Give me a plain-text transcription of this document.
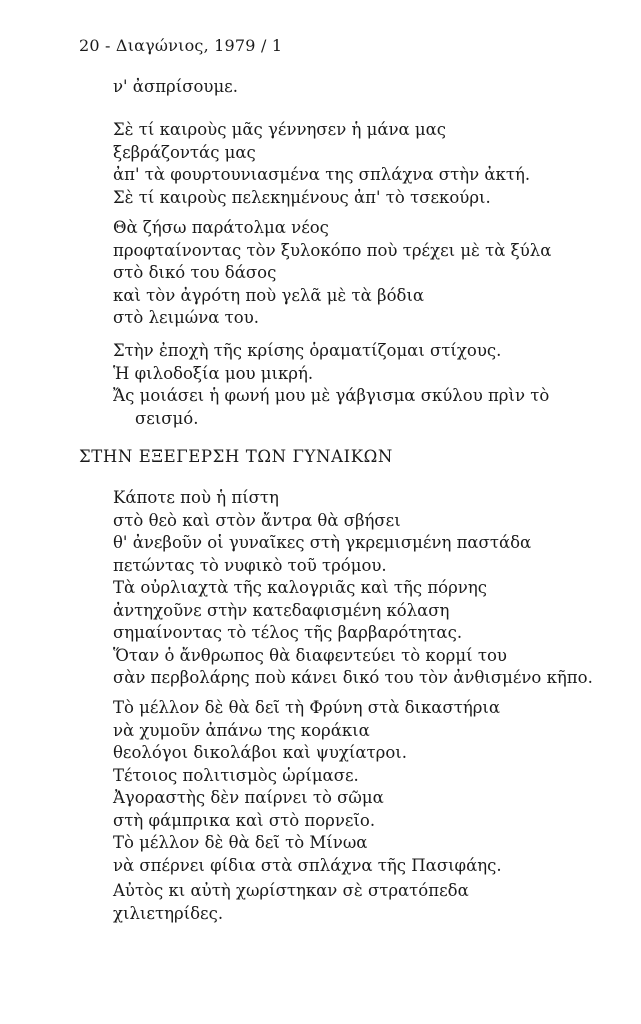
20 - Διαγώνιος, 1979 / 1
ν' ἀσπρίσουμε.
Σὲ τί καιροὺς μᾶς γέννησεν ἡ μάνα μας
ξεβράζοντάς μας
ἀπ' τὰ φουρτουνιασμένα της σπλάχνα στὴν ἀκτή.
Σὲ τί καιροὺς πελεκημένους ἀπ' τὸ τσεκούρι.
Θὰ ζήσω παράτολμα νέος
προφταίνοντας τὸν ξυλοκόπο ποὺ τρέχει μὲ τὰ ξύλα
στὸ δικό του δάσος
καὶ τὸν ἀγρότη ποὺ γελᾶ μὲ τὰ βόδια
στὸ λειμώνα του.
Στὴν ἐποχὴ τῆς κρίσης ὁραματίζομαι στίχους.
Ἡ φιλοδοξία μου μικρή.
Ἄς μοιάσει ἡ φωνή μου μὲ γάβγισμα σκύλου πρὶν τὸ
σεισμό.
ΣΤΗΝ ΕΞΕΓΕΡΣΗ ΤΩΝ ΓΥΝΑΙΚΩΝ
Κάποτε ποὺ ἡ πίστη
στὸ θεὸ καὶ στὸν ἄντρα θὰ σβήσει
θ' ἀνεβοῦν οἱ γυναῖκες στὴ γκρεμισμένη παστάδα
πετώντας τὸ νυφικὸ τοῦ τρόμου.
Τὰ οὐρλιαχτὰ τῆς καλογριᾶς καὶ τῆς πόρνης
ἀντηχοῦνε στὴν κατεδαφισμένη κόλαση
σημαίνοντας τὸ τέλος τῆς βαρβαρότητας.
Ὅταν ὁ ἄνθρωπος θὰ διαφεντεύει τὸ κορμί του
σὰν περβολάρης ποὺ κάνει δικό του τὸν ἀνθισμένο κῆπο.
Τὸ μέλλον δὲ θὰ δεῖ τὴ Φρύνη στὰ δικαστήρια
νὰ χυμοῦν ἀπάνω της κοράκια
θεολόγοι δικολάβοι καὶ ψυχίατροι.
Τέτοιος πολιτισμὸς ὡρίμασε.
Ἀγοραστὴς δὲν παίρνει τὸ σῶμα
στὴ φάμπρικα καὶ στὸ πορνεῖο.
Τὸ μέλλον δὲ θὰ δεῖ τὸ Μίνωα
νὰ σπέρνει φίδια στὰ σπλάχνα τῆς Πασιφάης.
Αὐτὸς κι αὐτὴ χωρίστηκαν σὲ στρατόπεδα
χιλιετηρίδες.
